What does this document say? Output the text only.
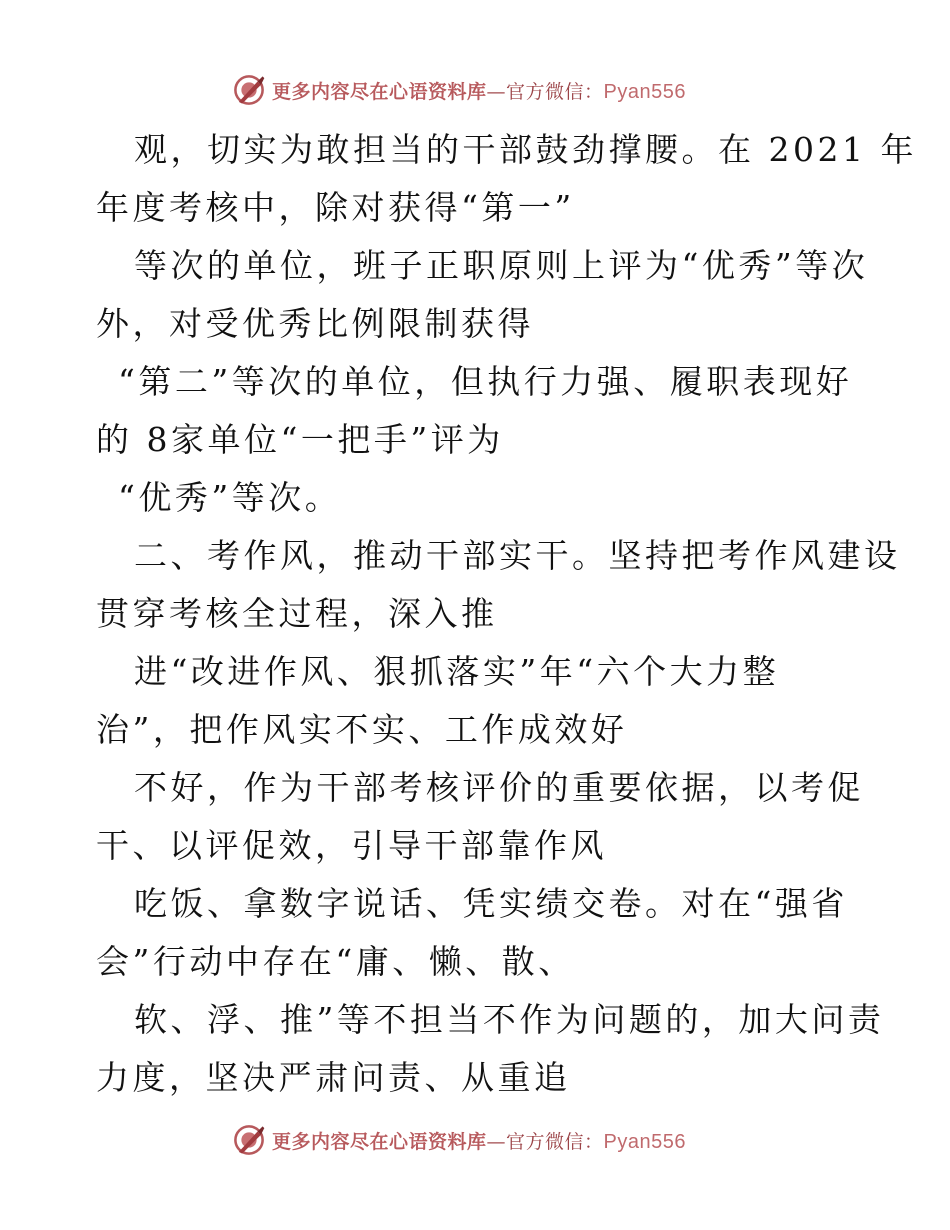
更多内容尽在心语资料库—官方微信：Pyan556
观，切实为敢担当的干部鼓劲撑腰。在 2021 年
年度考核中，除对获得“第一”
等次的单位，班子正职原则上评为“优秀”等次
外，对受优秀比例限制获得
“第二”等次的单位，但执行力强、履职表现好
的 8家单位“一把手”评为
“优秀”等次。
二、考作风，推动干部实干。坚持把考作风建设
贯穿考核全过程，深入推
进“改进作风、狠抓落实”年“六个大力整
治”，把作风实不实、工作成效好
不好，作为干部考核评价的重要依据，以考促
干、以评促效，引导干部靠作风
吃饭、拿数字说话、凭实绩交卷。对在“强省
会”行动中存在“庸、懒、散、
软、浮、推”等不担当不作为问题的，加大问责
力度，坚决严肃问责、从重追
更多内容尽在心语资料库—官方微信：Pyan556
